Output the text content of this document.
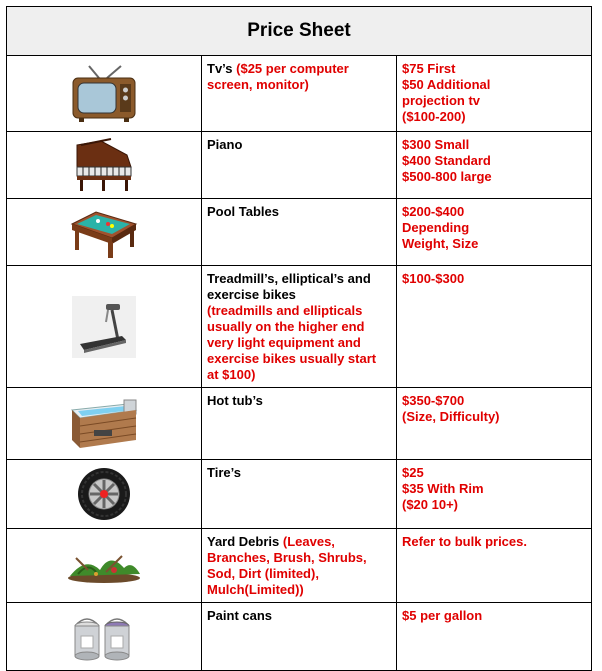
Price Sheet		

Tv’s ($25 per computer screen, monitor)	$75 First
$50 Additional
projection tv
($100-200)

Piano	$300 Small
$400 Standard
$500-800 large

Pool Tables	$200-$400
Depending
Weight, Size

Treadmill’s, elliptical’s and exercise bikes
(treadmills and ellipticals usually on the higher end very light equipment and exercise bikes usually start at $100)	$100-$300

Hot tub’s	$350-$700
(Size, Difficulty)

Tire’s	$25
$35 With Rim
($20 10+)

Yard Debris (Leaves, Branches, Brush, Shrubs, Sod, Dirt (limited), Mulch(Limited))	Refer to bulk prices.

Paint cans	$5 per gallon
